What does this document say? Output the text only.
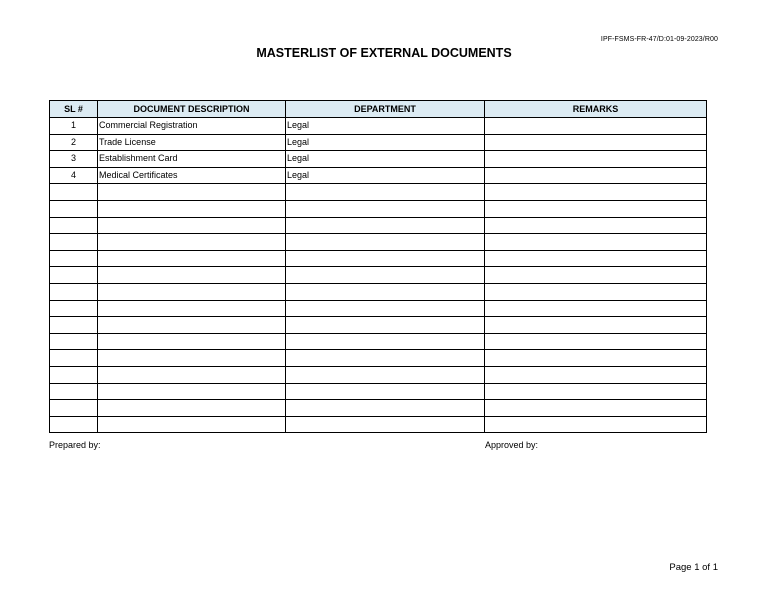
IPF-FSMS-FR-47/D:01-09-2023/R00
MASTERLIST OF EXTERNAL DOCUMENTS
SL #	DOCUMENT DESCRIPTION	DEPARTMENT	REMARKS
1	Commercial Registration	Legal	
2	Trade License	Legal	
3	Establishment Card	Legal	
4	Medical Certificates	Legal	

Prepared by:	Approved by:
Page 1 of 1
